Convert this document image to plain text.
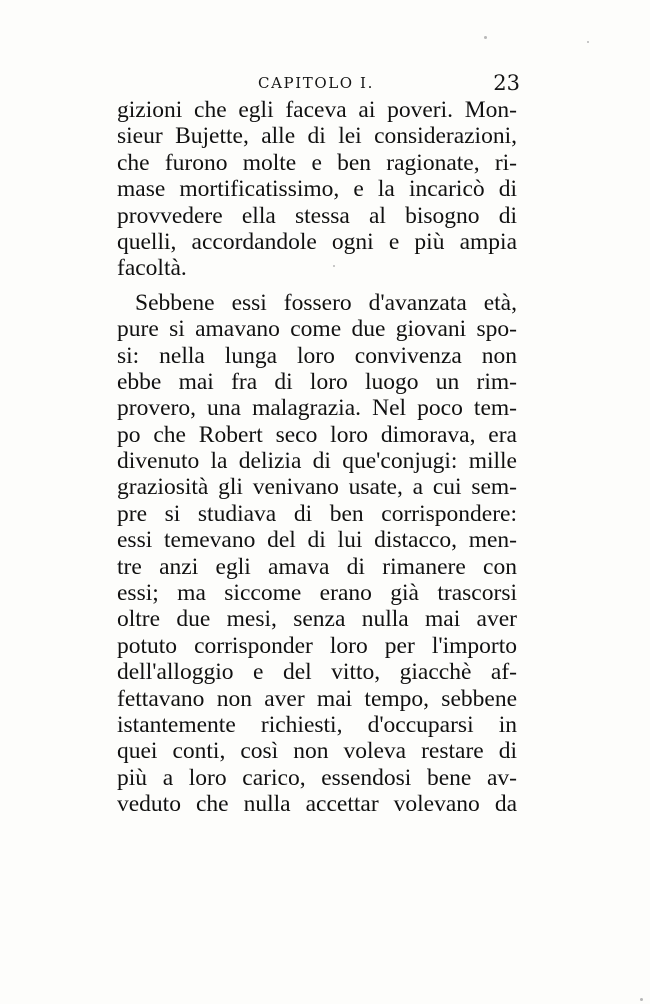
CAPITOLO I.	23
gizioni che egli faceva ai poveri. Mon-
sieur Bujette, alle di lei considerazioni,
che furono molte e ben ragionate, ri-
mase mortificatissimo, e la incaricò di
provvedere ella stessa al bisogno di
quelli, accordandole ogni e più ampia
facoltà.
Sebbene essi fossero d'avanzata età,
pure si amavano come due giovani spo-
si: nella lunga loro convivenza non
ebbe mai fra di loro luogo un rim-
provero, una malagrazia. Nel poco tem-
po che Robert seco loro dimorava, era
divenuto la delizia di que'conjugi: mille
graziosità gli venivano usate, a cui sem-
pre si studiava di ben corrispondere:
essi temevano del di lui distacco, men-
tre anzi egli amava di rimanere con
essi; ma siccome erano già trascorsi
oltre due mesi, senza nulla mai aver
potuto corrisponder loro per l'importo
dell'alloggio e del vitto, giacchè af-
fettavano non aver mai tempo, sebbene
istantemente richiesti, d'occuparsi in
quei conti, così non voleva restare di
più a loro carico, essendosi bene av-
veduto che nulla accettar volevano da
